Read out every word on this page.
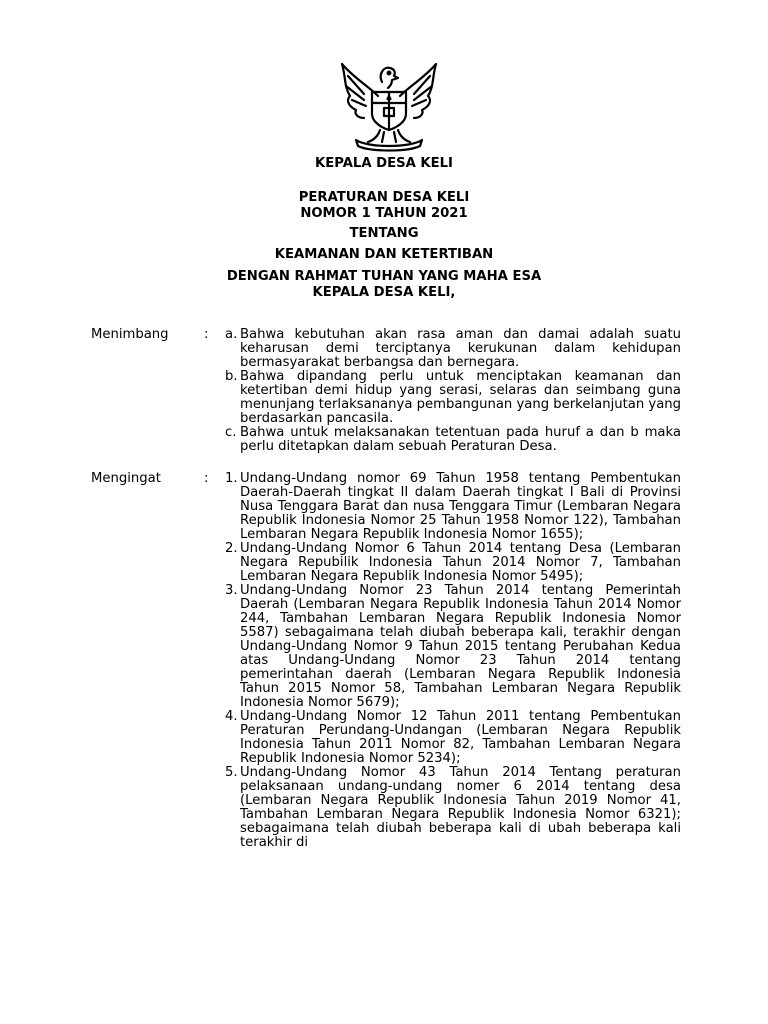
KEPALA DESA KELI
PERATURAN DESA KELI
NOMOR 1 TAHUN 2021
TENTANG
KEAMANAN DAN KETERTIBAN
DENGAN RAHMAT TUHAN YANG MAHA ESA
KEPALA DESA KELI,
Menimbang	: a. Bahwa kebutuhan akan rasa aman dan damai adalah suatu keharusan demi terciptanya kerukunan dalam kehidupan bermasyarakat berbangsa dan bernegara.
b. Bahwa dipandang perlu untuk menciptakan keamanan dan ketertiban demi hidup yang serasi, selaras dan seimbang guna menunjang terlaksananya pembangunan yang berkelanjutan yang berdasarkan pancasila.
c. Bahwa untuk melaksanakan tetentuan pada huruf a dan b maka perlu ditetapkan dalam sebuah Peraturan Desa.
Mengingat	: 1. Undang-Undang nomor 69 Tahun 1958 tentang Pembentukan Daerah-Daerah tingkat II dalam Daerah tingkat I Bali di Provinsi Nusa Tenggara Barat dan nusa Tenggara Timur (Lembaran Negara Republik Indonesia Nomor 25 Tahun 1958 Nomor 122), Tambahan Lembaran Negara Republik Indonesia Nomor 1655);
2. Undang-Undang Nomor 6 Tahun 2014 tentang Desa (Lembaran Negara Repubilik Indonesia Tahun 2014 Nomor 7, Tambahan Lembaran Negara Republik Indonesia Nomor 5495);
3. Undang-Undang Nomor 23 Tahun 2014 tentang Pemerintah Daerah (Lembaran Negara Republik Indonesia Tahun 2014 Nomor 244, Tambahan Lembaran Negara Republik Indonesia Nomor 5587) sebagaimana telah diubah beberapa kali, terakhir dengan Undang-Undang Nomor 9 Tahun 2015 tentang Perubahan Kedua atas Undang-Undang Nomor 23 Tahun 2014 tentang pemerintahan daerah (Lembaran Negara Republik Indonesia Tahun 2015 Nomor 58, Tambahan Lembaran Negara Republik Indonesia Nomor 5679);
4. Undang-Undang Nomor 12 Tahun 2011 tentang Pembentukan Peraturan Perundang-Undangan (Lembaran Negara Republik Indonesia Tahun 2011 Nomor 82, Tambahan Lembaran Negara Republik Indonesia Nomor 5234);
5. Undang-Undang Nomor 43 Tahun 2014 Tentang peraturan pelaksanaan undang-undang nomer 6 2014 tentang desa (Lembaran Negara Republik Indonesia Tahun 2019 Nomor 41, Tambahan Lembaran Negara Republik Indonesia Nomor 6321); sebagaimana telah diubah beberapa kali di ubah beberapa kali terakhir di
